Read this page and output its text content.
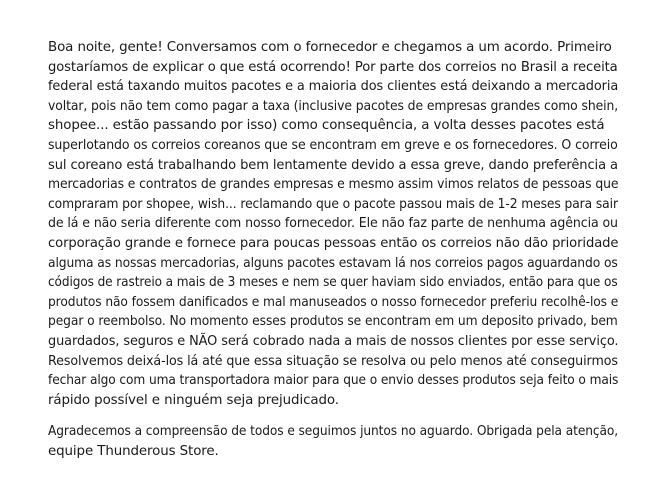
Boa noite, gente! Conversamos com o fornecedor e chegamos a um acordo. Primeiro
gostaríamos de explicar o que está ocorrendo! Por parte dos correios no Brasil a receita
federal está taxando muitos pacotes e a maioria dos clientes está deixando a mercadoria
voltar, pois não tem como pagar a taxa (inclusive pacotes de empresas grandes como shein,
shopee... estão passando por isso) como consequência, a volta desses pacotes está
superlotando os correios coreanos que se encontram em greve e os fornecedores. O correio
sul coreano está trabalhando bem lentamente devido a essa greve, dando preferência a
mercadorias e contratos de grandes empresas e mesmo assim vimos relatos de pessoas que
compraram por shopee, wish... reclamando que o pacote passou mais de 1-2 meses para sair
de lá e não seria diferente com nosso fornecedor. Ele não faz parte de nenhuma agência ou
corporação grande e fornece para poucas pessoas então os correios não dão prioridade
alguma as nossas mercadorias, alguns pacotes estavam lá nos correios pagos aguardando os
códigos de rastreio a mais de 3 meses e nem se quer haviam sido enviados, então para que os
produtos não fossem danificados e mal manuseados o nosso fornecedor preferiu recolhê-los e
pegar o reembolso. No momento esses produtos se encontram em um deposito privado, bem
guardados, seguros e NÃO será cobrado nada a mais de nossos clientes por esse serviço.
Resolvemos deixá-los lá até que essa situação se resolva ou pelo menos até conseguirmos
fechar algo com uma transportadora maior para que o envio desses produtos seja feito o mais
rápido possível e ninguém seja prejudicado.

Agradecemos a compreensão de todos e seguimos juntos no aguardo. Obrigada pela atenção,
equipe Thunderous Store.
